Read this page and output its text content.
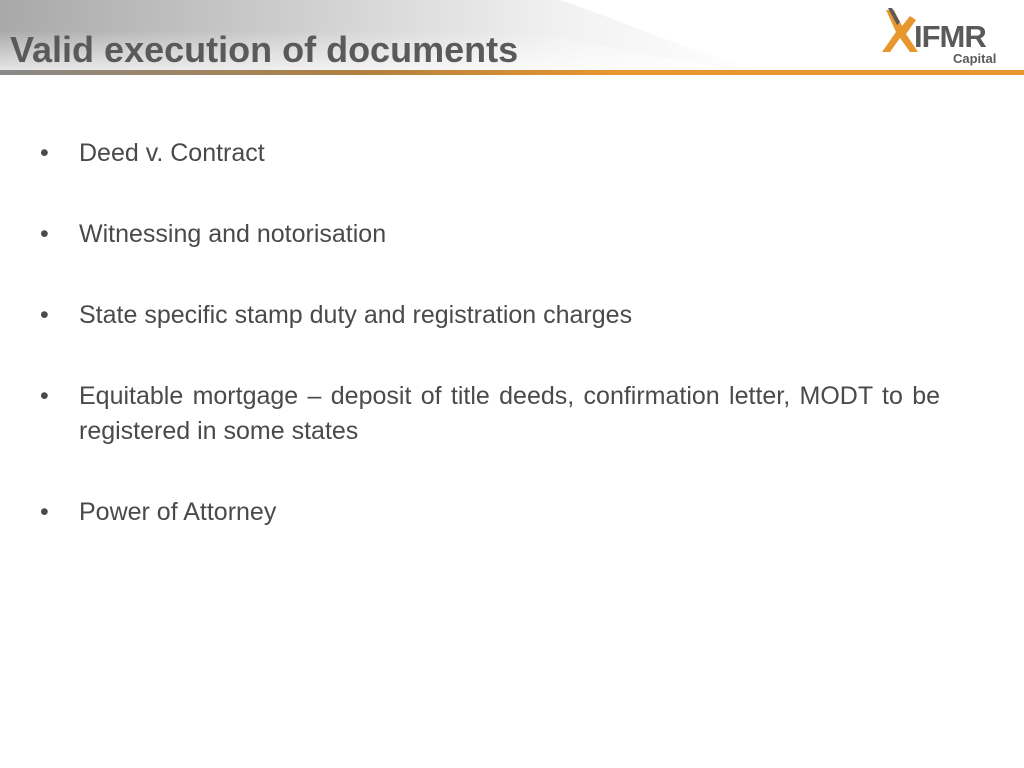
Valid execution of documents	IFMR
Capital
•	Deed v. Contract
•	Witnessing and notorisation
•	State specific stamp duty and registration charges
•	Equitable mortgage – deposit of title deeds, confirmation letter, MODT to be registered in some states
•	Power of Attorney
